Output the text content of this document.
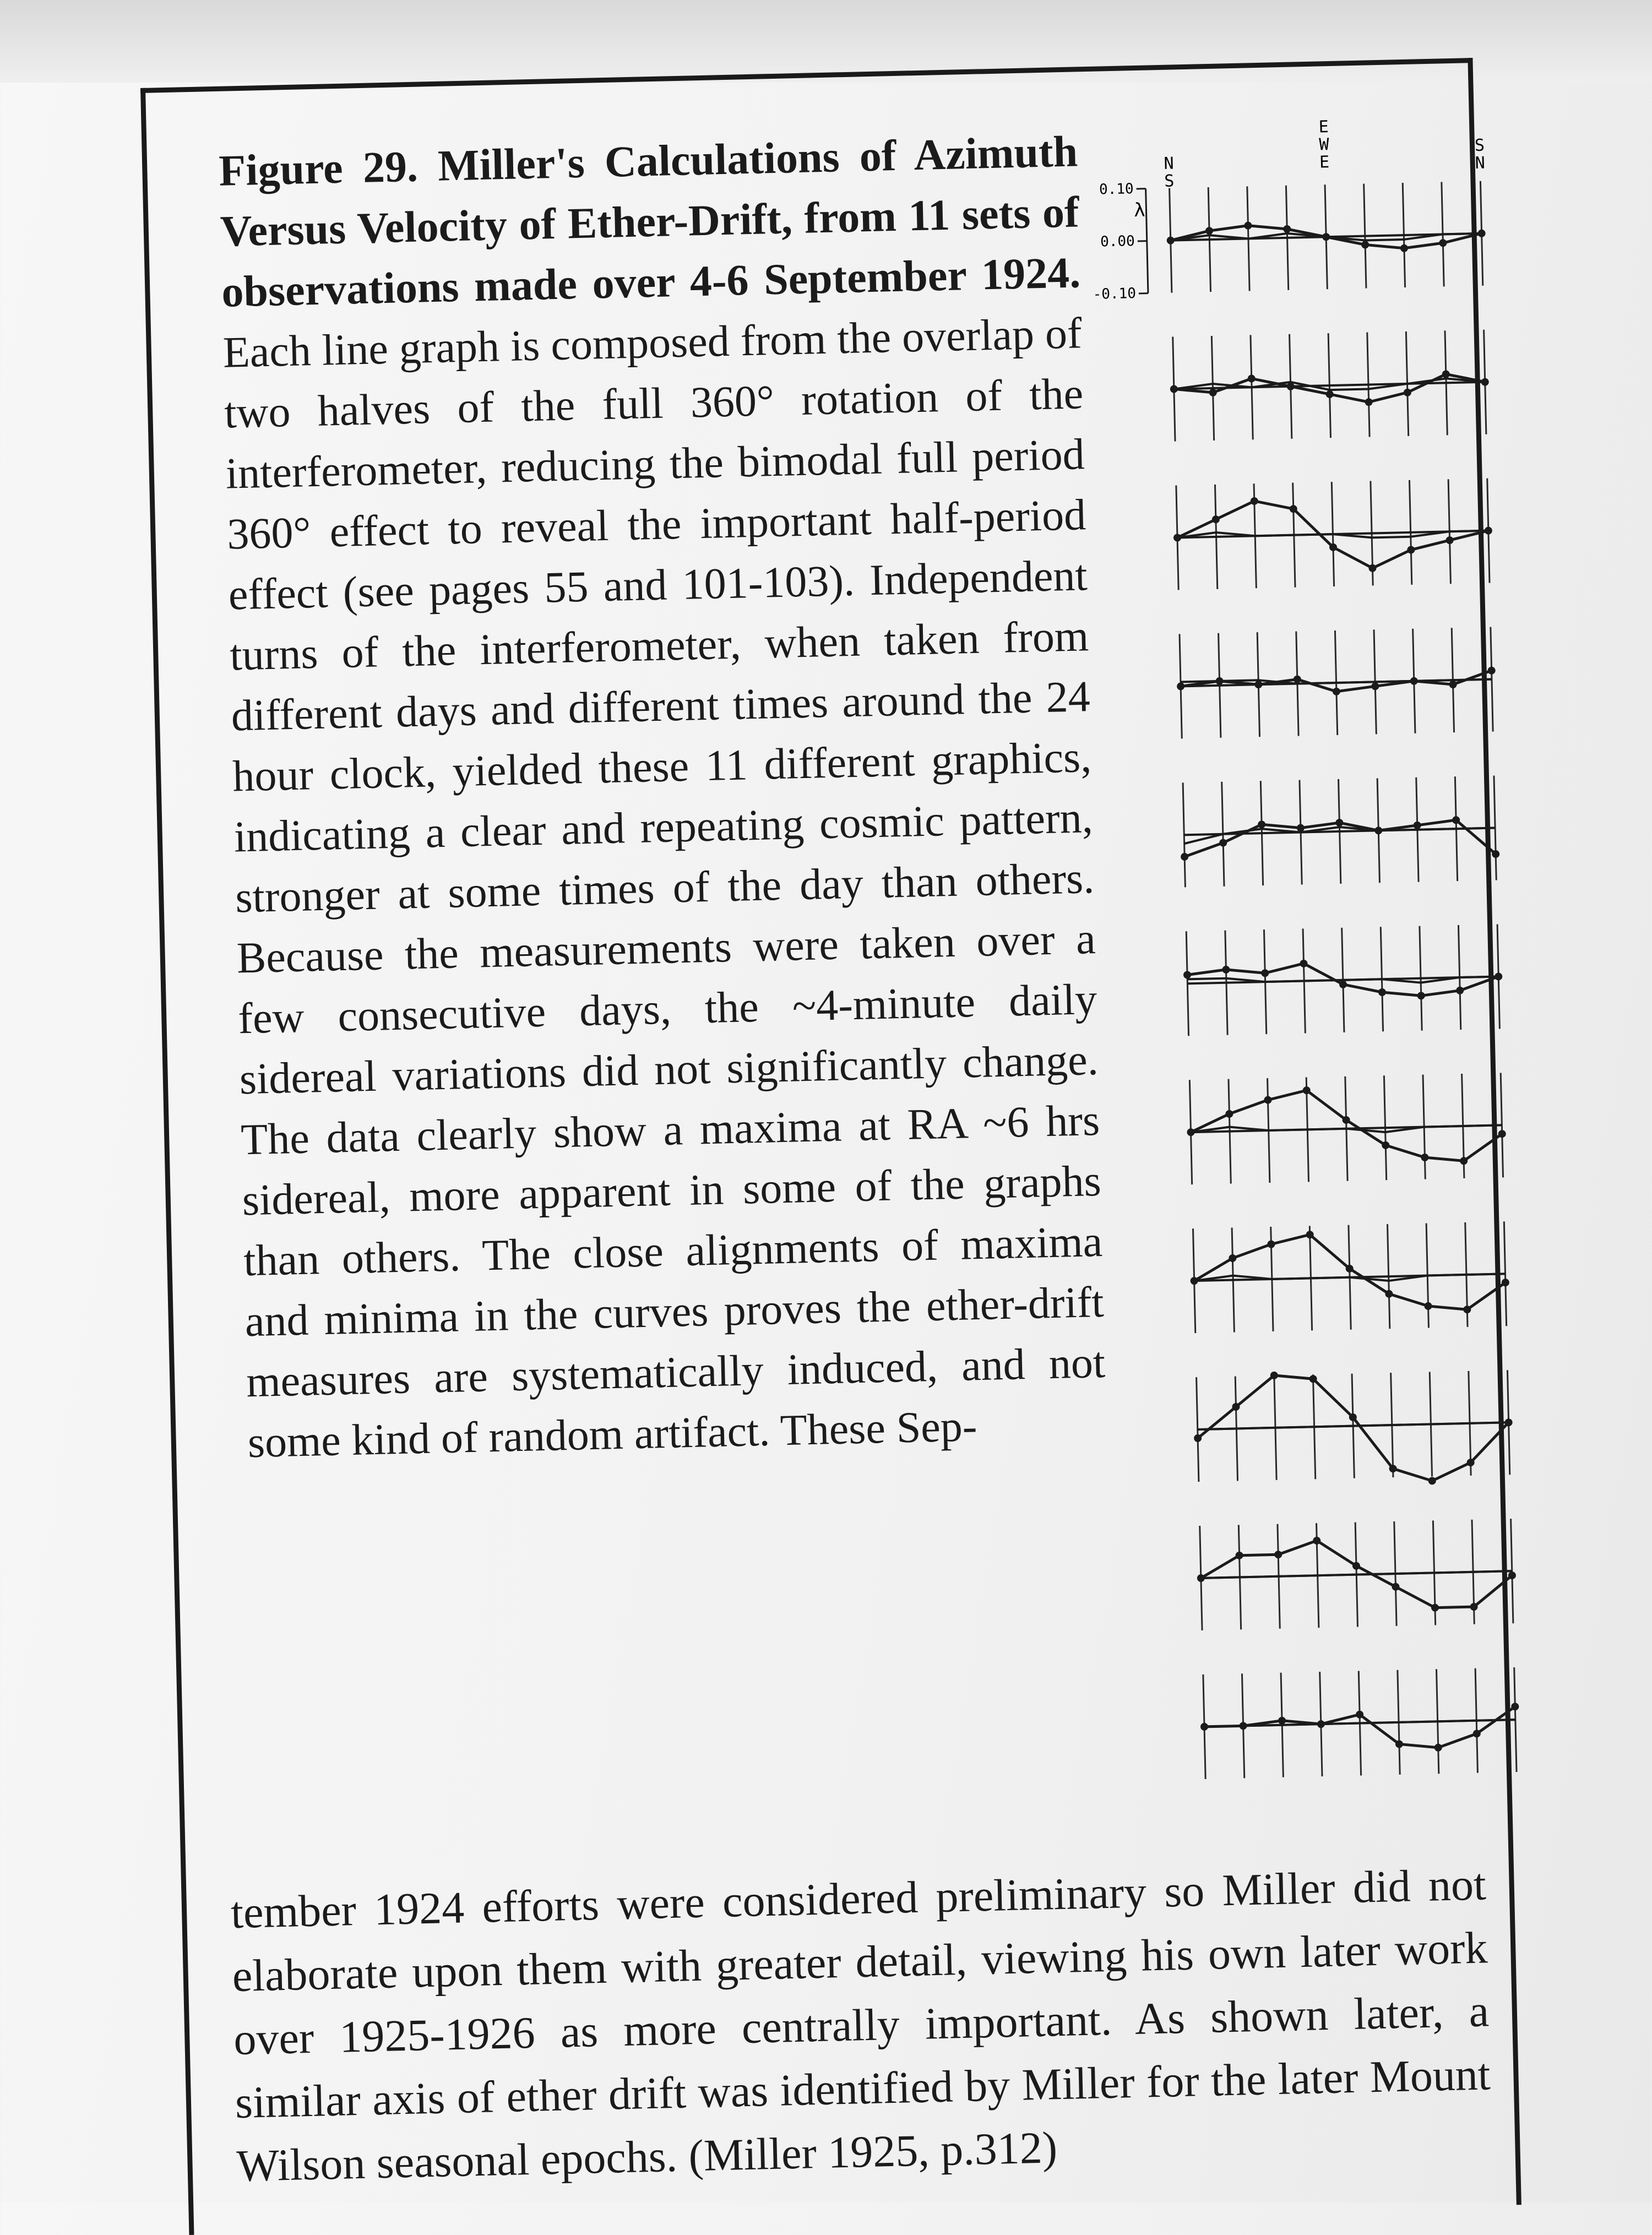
Figure 29. Miller's Calculations of Azimuth Versus Velocity of Ether-Drift, from 11 sets of observations made over 4-6 September 1924. Each line graph is composed from the overlap of two halves of the full 360° rotation of the interferometer, reducing the bimodal full period 360° effect to reveal the important half-period effect (see pages 55 and 101-103). Independent turns of the interferometer, when taken from different days and different times around the 24 hour clock, yielded these 11 different graphics, indicating a clear and repeating cosmic pattern, stronger at some times of the day than others. Because the measurements were taken over a few consecutive days, the ~4-minute daily sidereal variations did not significantly change. The data clearly show a maxima at RA ~6 hrs sidereal, more apparent in some of the graphs than others. The close alignments of maxima and minima in the curves proves the ether-drift measures are systematically induced, and not some kind of random artifact. These Sep-
N
S
E
W
E
S
N
λ
0.10
0.00
-0.10
tember 1924 efforts were considered preliminary so Miller did not elaborate upon them with greater detail, viewing his own later work over 1925-1926 as more centrally important. As shown later, a similar axis of ether drift was identified by Miller for the later Mount Wilson seasonal epochs. (Miller 1925, p.312)
